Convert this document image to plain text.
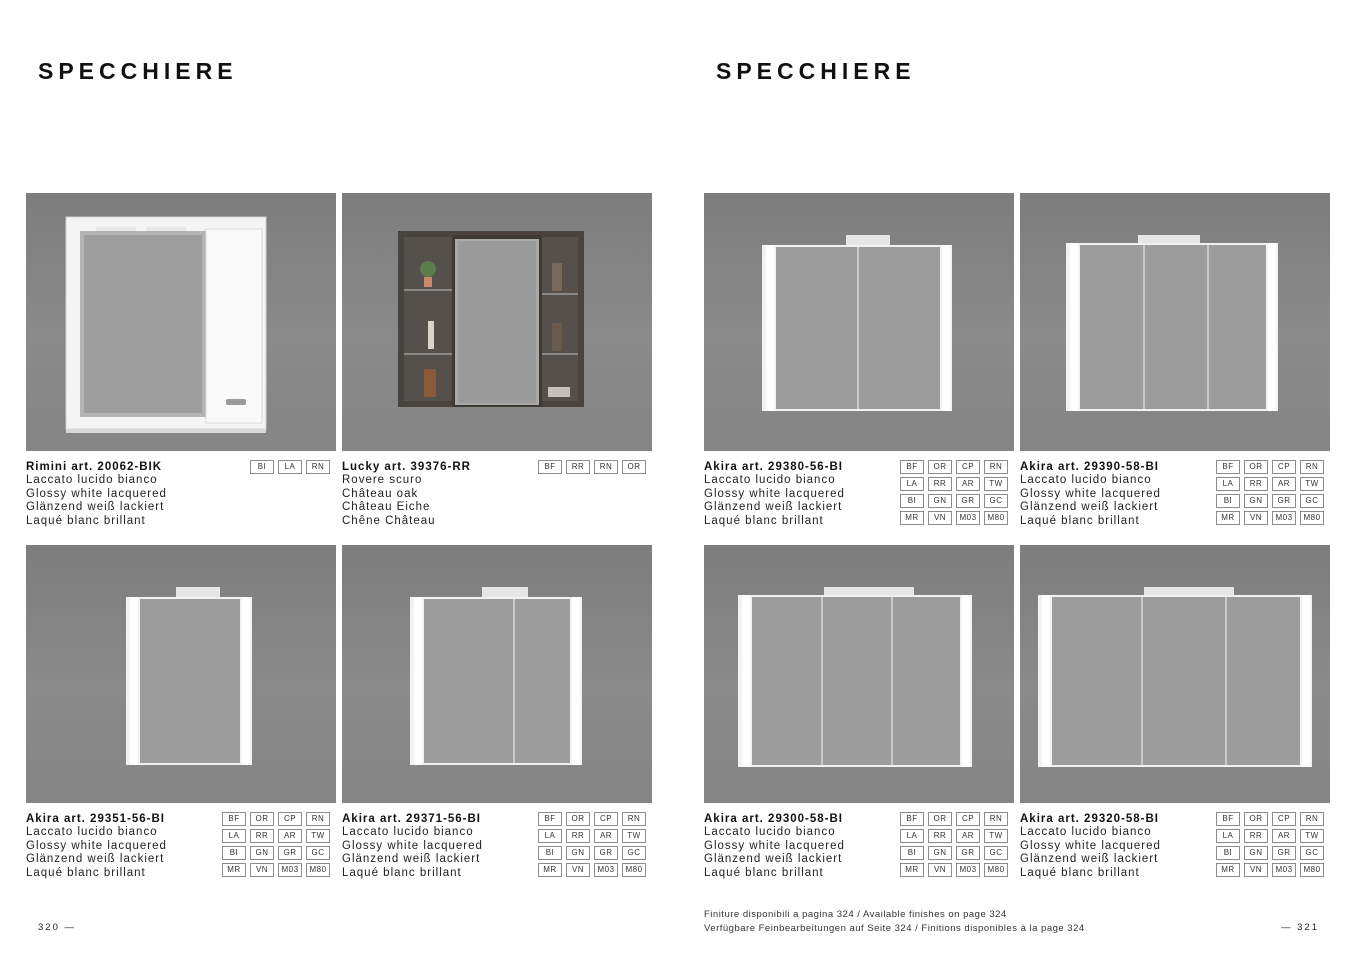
SPECCHIERE	SPECCHIERE
Rimini art. 20062-BIK
Laccato lucido bianco
Glossy white lacquered
Glänzend weiß lackiert
Laqué blanc brillant
BI	LA	RN	Lucky art. 39376-RR
Rovere scuro
Château oak
Château Eiche
Chêne Château
BF	RR	RN	OR	Akira art. 29380-56-BI
Laccato lucido bianco
Glossy white lacquered
Glänzend weiß lackiert
Laqué blanc brillant
BF	OR	CP	RN
LA	RR	AR	TW
BI	GN	GR	GC
MR	VN	M03	M80
Akira art. 29390-58-BI
Laccato lucido bianco
Glossy white lacquered
Glänzend weiß lackiert
Laqué blanc brillant
BF	OR	CP	RN
LA	RR	AR	TW
BI	GN	GR	GC
MR	VN	M03	M80
Akira art. 29351-56-BI
Laccato lucido bianco
Glossy white lacquered
Glänzend weiß lackiert
Laqué blanc brillant
BF	OR	CP	RN
LA	RR	AR	TW
BI	GN	GR	GC
MR	VN	M03	M80
Akira art. 29371-56-BI
Laccato lucido bianco
Glossy white lacquered
Glänzend weiß lackiert
Laqué blanc brillant
BF	OR	CP	RN
LA	RR	AR	TW
BI	GN	GR	GC
MR	VN	M03	M80
Akira art. 29300-58-BI
Laccato lucido bianco
Glossy white lacquered
Glänzend weiß lackiert
Laqué blanc brillant
BF	OR	CP	RN
LA	RR	AR	TW
BI	GN	GR	GC
MR	VN	M03	M80
Akira art. 29320-58-BI
Laccato lucido bianco
Glossy white lacquered
Glänzend weiß lackiert
Laqué blanc brillant
BF	OR	CP	RN
LA	RR	AR	TW
BI	GN	GR	GC
MR	VN	M03	M80
320 —
Finiture disponibili a pagina 324 / Available finishes on page 324
Verfügbare Feinbearbeitungen auf Seite 324 / Finitions disponibles à la page 324	— 321
